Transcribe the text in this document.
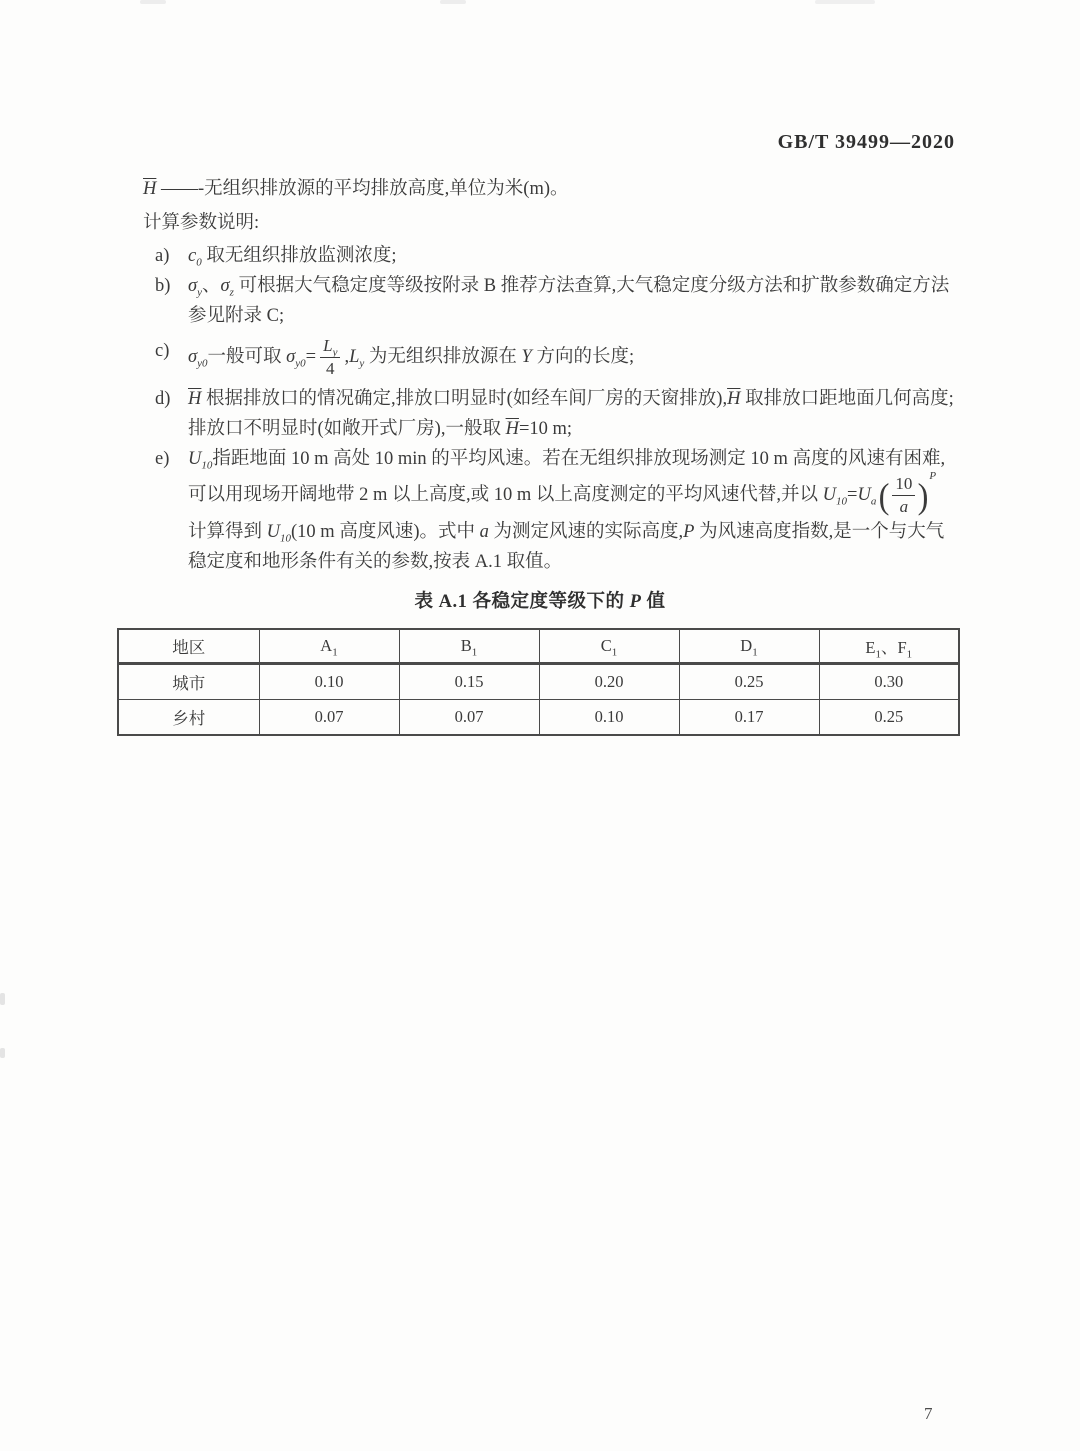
GB/T 39499—2020
$\overline{H}$ ——-无组织排放源的平均排放高度,单位为米(m)。
计算参数说明:
a)	$c_0$ 取无组织排放监测浓度;
b) $\sigma_y$、$\sigma_z$ 可根据大气稳定度等级按附录 B 推荐方法查算,大气稳定度分级方法和扩散参数确定方法参见附录 C;
c)	$\sigma_{y0}$一般可取 $\sigma_{y0}= \frac{L_y}{4} ,L_y$ 为无组织排放源在 Y 方向的长度;
d) $\overline{H}$ 根据排放口的情况确定,排放口明显时(如经车间厂房的天窗排放)$,\overline{H}$ 取排放口距地面几何高度;排放口不明显时(如敞开式厂房),一般取 $\overline{H}=10$ m;
e)	$U_{10}$指距地面 10 m 高处 10 min 的平均风速。若在无组织排放现场测定 10 m 高度的风速有困难,可以用现场开阔地带 2 m 以上高度,或 10 m 以上高度测定的平均风速代替,并以 $U_{10}=U_a$ ( $\frac{10}{a}$ ) P
计算得到 $U_{10}(10$ m 高度风速)。式中 a 为测定风速的实际高度,P 为风速高度指数,是一个与大气稳定度和地形条件有关的参数,按表 A.1 取值。
表 A.1 各稳定度等级下的 P 值
地区	$A_1$	$B_1$	$C_1$	$D_1$	$E_1$、$F_1$
城市	0.10	0.15	0.20	0.25	0.30
乡村	0.07	0.07	0.10	0.17	0.25
7
